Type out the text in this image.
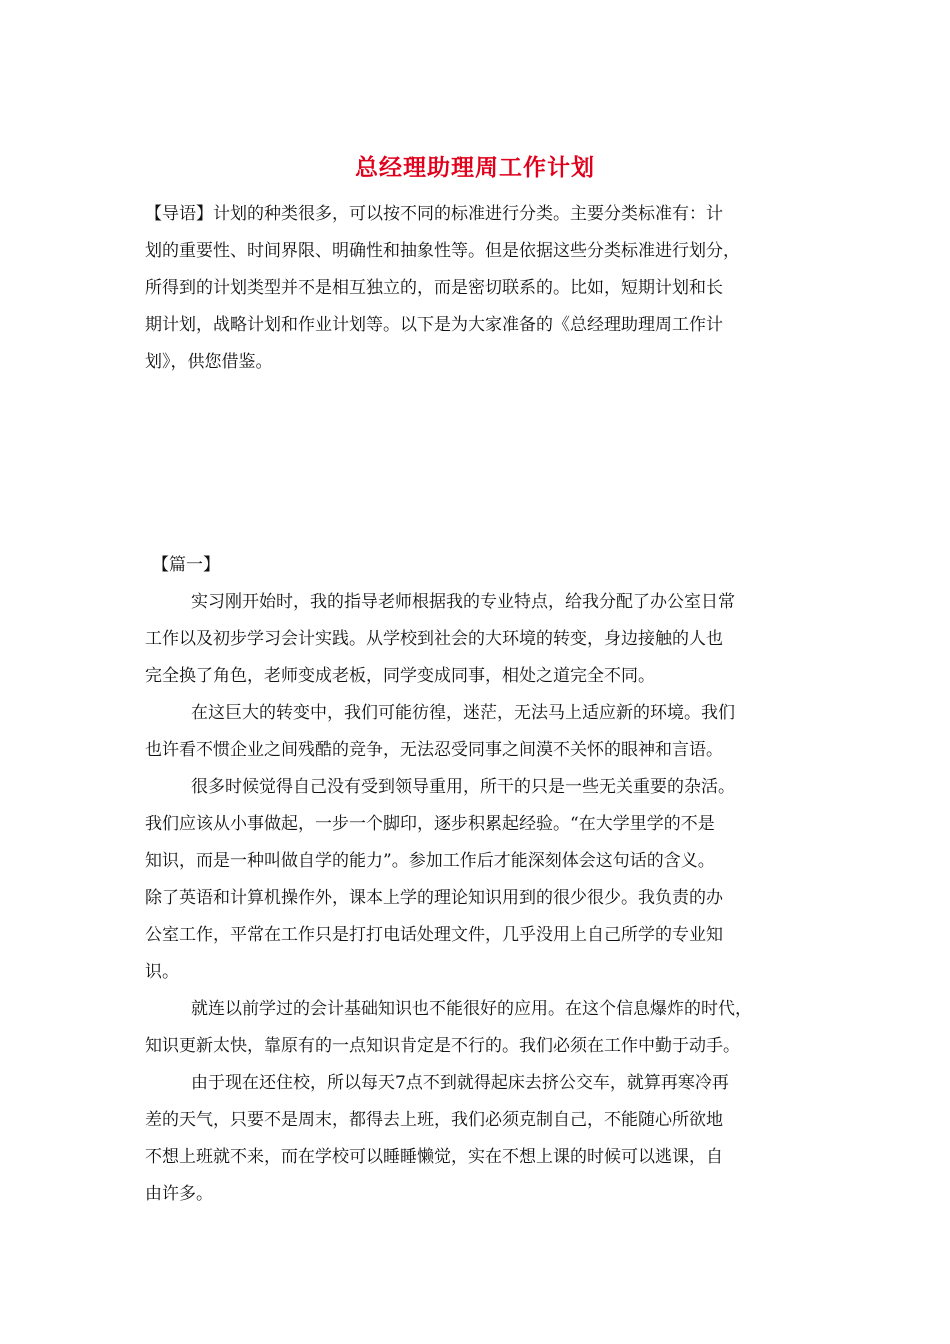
总经理助理周工作计划
【导语】计划的种类很多，可以按不同的标准进行分类。主要分类标准有：计
划的重要性、时间界限、明确性和抽象性等。但是依据这些分类标准进行划分，
所得到的计划类型并不是相互独立的，而是密切联系的。比如，短期计划和长
期计划，战略计划和作业计划等。以下是为大家准备的《总经理助理周工作计
划》，供您借鉴。
【篇一】
实习刚开始时，我的指导老师根据我的专业特点，给我分配了办公室日常
工作以及初步学习会计实践。从学校到社会的大环境的转变，身边接触的人也
完全换了角色，老师变成老板，同学变成同事，相处之道完全不同。
在这巨大的转变中，我们可能彷徨，迷茫，无法马上适应新的环境。我们
也许看不惯企业之间残酷的竞争，无法忍受同事之间漠不关怀的眼神和言语。
很多时候觉得自己没有受到领导重用，所干的只是一些无关重要的杂活。
我们应该从小事做起，一步一个脚印，逐步积累起经验。“在大学里学的不是
知识，而是一种叫做自学的能力”。参加工作后才能深刻体会这句话的含义。
除了英语和计算机操作外，课本上学的理论知识用到的很少很少。我负责的办
公室工作，平常在工作只是打打电话处理文件，几乎没用上自己所学的专业知
识。
就连以前学过的会计基础知识也不能很好的应用。在这个信息爆炸的时代，
知识更新太快，靠原有的一点知识肯定是不行的。我们必须在工作中勤于动手。
由于现在还住校，所以每天7点不到就得起床去挤公交车，就算再寒冷再
差的天气，只要不是周末，都得去上班，我们必须克制自己，不能随心所欲地
不想上班就不来，而在学校可以睡睡懒觉，实在不想上课的时候可以逃课，自
由许多。
